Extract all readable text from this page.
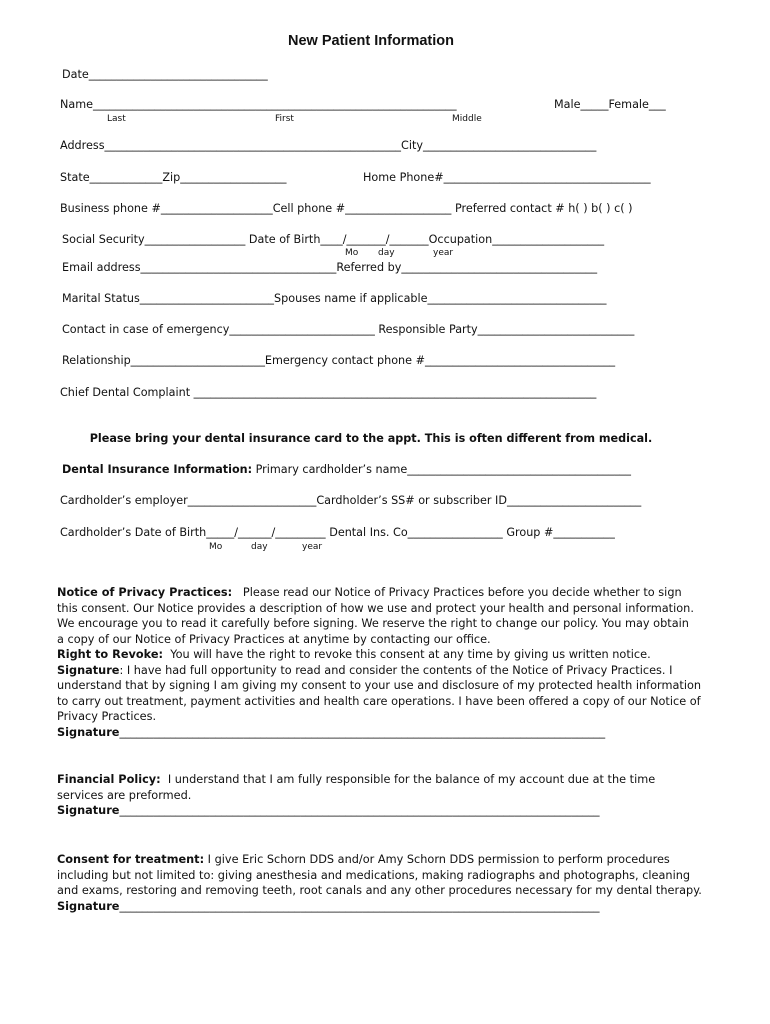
New Patient Information
Date________________________________
Name_________________________________________________________________	Male_____Female___
Last	First	Middle
Address_____________________________________________________City_______________________________
State_____________Zip___________________	Home Phone#_____________________________________
Business phone #____________________Cell phone #___________________ Preferred contact # h( ) b( ) c( )
Social Security__________________ Date of Birth____/_______/_______Occupation____________________
Mo day	year
Email address___________________________________Referred by___________________________________
Marital Status________________________Spouses name if applicable________________________________
Contact in case of emergency__________________________ Responsible Party____________________________
Relationship________________________Emergency contact phone #__________________________________
Chief Dental Complaint ________________________________________________________________________
Please bring your dental insurance card to the appt. This is often different from medical.
Dental Insurance Information: Primary cardholder’s name________________________________________
Cardholder’s employer_______________________Cardholder’s SS# or subscriber ID________________________
Cardholder’s Date of Birth_____/______/_________ Dental Ins. Co_________________ Group #___________
Mo	day	year
Notice of Privacy Practices:   Please read our Notice of Privacy Practices before you decide whether to sign
this consent. Our Notice provides a description of how we use and protect your health and personal information.
We encourage you to read it carefully before signing. We reserve the right to change our policy. You may obtain
a copy of our Notice of Privacy Practices at anytime by contacting our office.
Right to Revoke:  You will have the right to revoke this consent at any time by giving us written notice.
Signature: I have had full opportunity to read and consider the contents of the Notice of Privacy Practices. I
understand that by signing I am giving my consent to your use and disclosure of my protected health information
to carry out treatment, payment activities and health care operations. I have been offered a copy of our Notice of
Privacy Practices.
Signature______________________________________________________________________________________
Financial Policy:  I understand that I am fully responsible for the balance of my account due at the time
services are preformed.
Signature_____________________________________________________________________________________
Consent for treatment: I give Eric Schorn DDS and/or Amy Schorn DDS permission to perform procedures
including but not limited to: giving anesthesia and medications, making radiographs and photographs, cleaning
and exams, restoring and removing teeth, root canals and any other procedures necessary for my dental therapy.
Signature_____________________________________________________________________________________
